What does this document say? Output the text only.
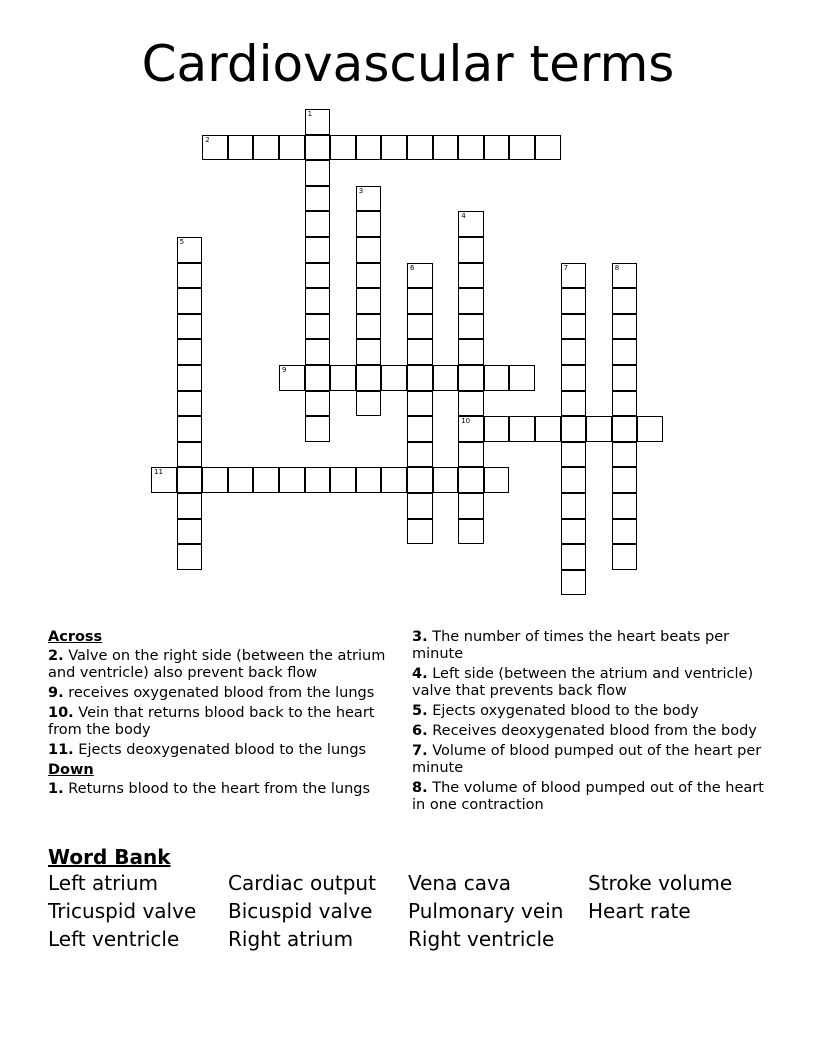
Cardiovascular terms
1
2
3
4
10
5
6	7	8
9
11
Across
2. Valve on the right side (between the atrium and ventricle) also prevent back flow
9. receives oxygenated blood from the lungs
10. Vein that returns blood back to the heart from the body
11. Ejects deoxygenated blood to the lungs
Down
1. Returns blood to the heart from the lungs
3. The number of times the heart beats per minute
4. Left side (between the atrium and ventricle) valve that prevents back flow
5. Ejects oxygenated blood to the body
6. Receives deoxygenated blood from the body
7. Volume of blood pumped out of the heart per minute
8. The volume of blood pumped out of the heart in one contraction
Word Bank
Left atrium	Cardiac output	Vena cava	Stroke volume
Tricuspid valve	Bicuspid valve	Pulmonary vein	Heart rate
Left ventricle	Right atrium	Right ventricle
